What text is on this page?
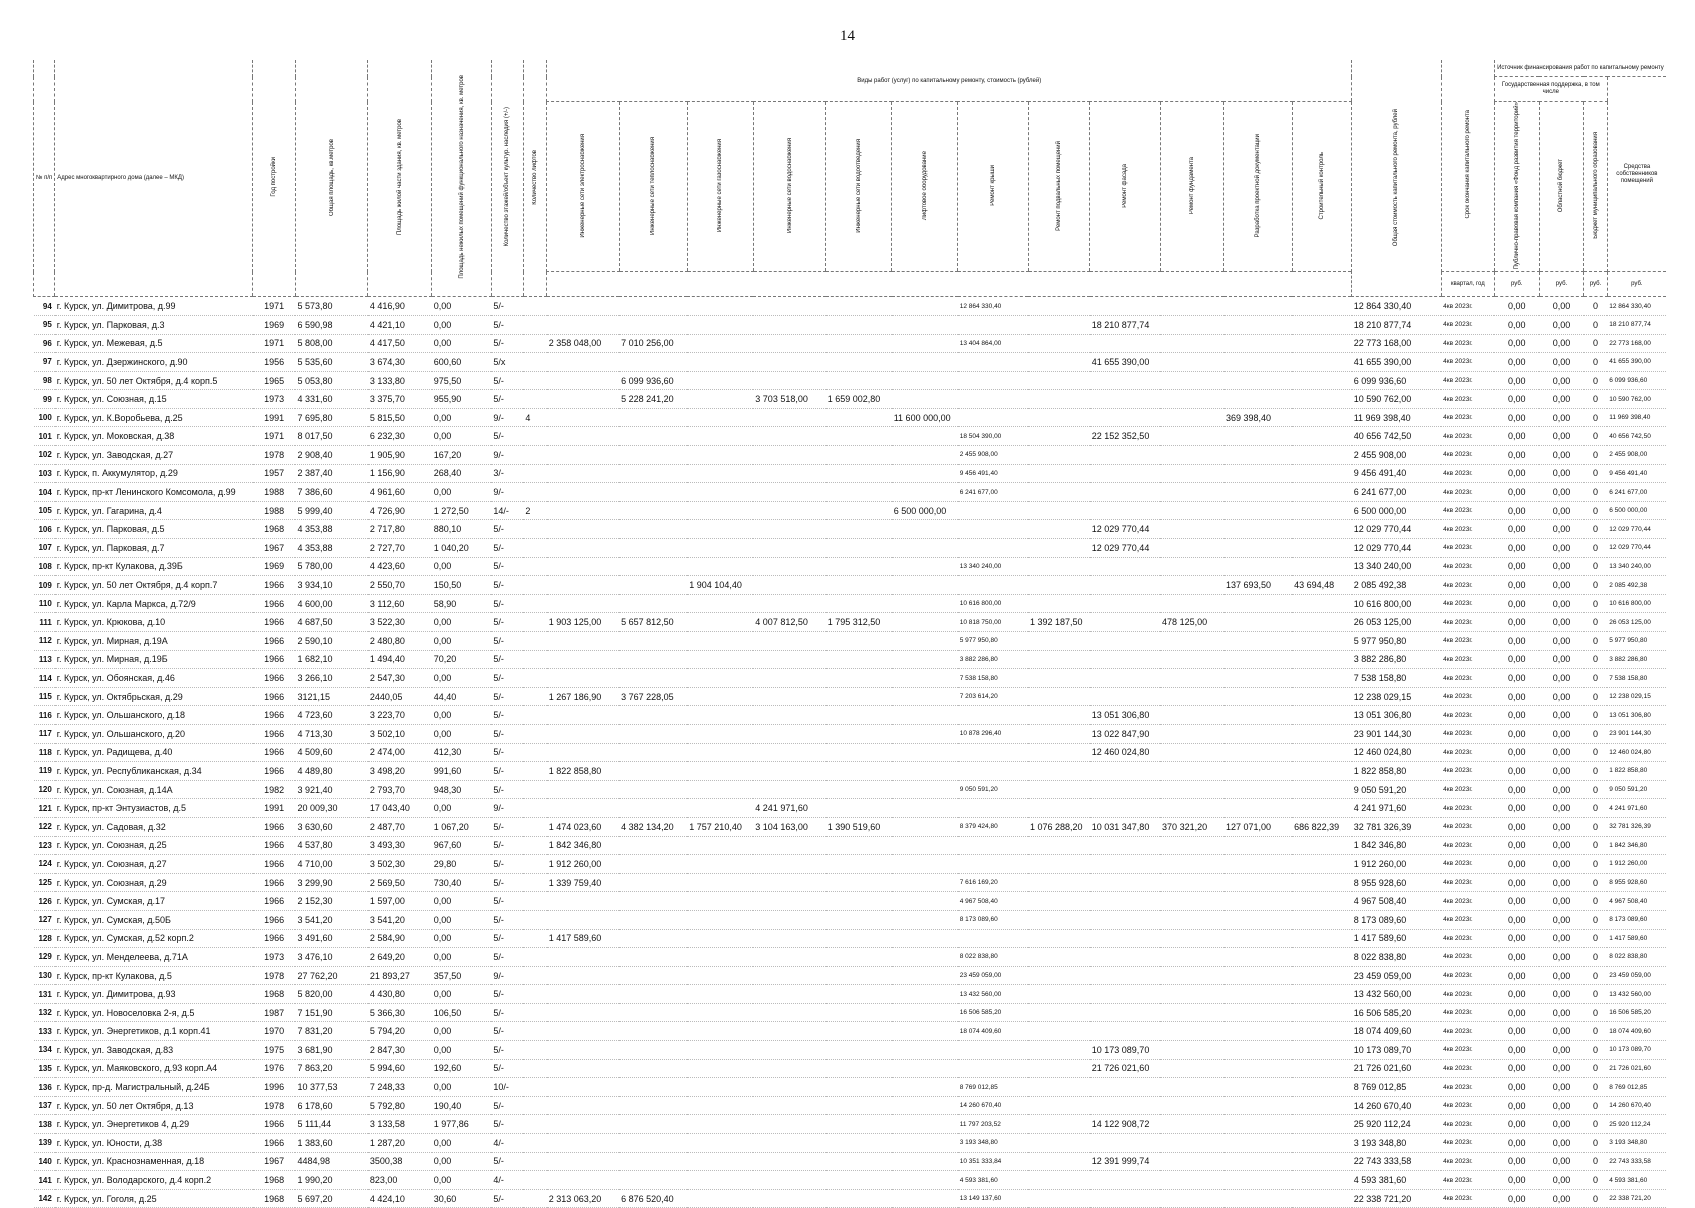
14
№ п/п	Адрес многоквартирного дома (далее – МКД)	Год постройки	Общая площадь, кв.метров	Площадь жилой части здания, кв. метров	Площадь нежилых помещений функционального назначения, кв. метров	Количество этажей/объект культур. наследия (+/-)	Количество лифтов	Виды работ (услуг) по капитальному ремонту, стоимость (рублей)												Общая стоимость капитального ремонта, рублей	Срок окончания капитального ремонта	Источник финансирования работ по капитальному ремонту			
																						Государственная поддержка, в том числе			Средства собственников помещений
								Инженерные сети электроснабжения	Инженерные сети теплоснабжения	Инженерные сети газоснабжения	Инженерные сети водоснабжения	Инженерные сети водоотведения	Лифтовое оборудование	Ремонт крыши	Ремонт подвальных помещений	Ремонт фасада	Ремонт фундамента	Разработка проектной документации	Строительный контроль			Публично-правовая компания «Фонд развития территорий»	Областной бюджет	Бюджет муниципального образования	
																					квартал, год	руб.	руб.	руб.	руб.
94	г. Курск, ул. Димитрова, д.99	1971	5 573,80	4 416,90	0,00	5/-								12 864 330,40						12 864 330,40	4кв 2023г.	0,00	0,00	0	12 864 330,40
95	г. Курск, ул. Парковая, д.3	1969	6 590,98	4 421,10	0,00	5/-										18 210 877,74				18 210 877,74	4кв 2023г.	0,00	0,00	0	18 210 877,74
96	г. Курск, ул. Межевая, д.5	1971	5 808,00	4 417,50	0,00	5/-		2 358 048,00	7 010 256,00					13 404 864,00						22 773 168,00	4кв 2023г.	0,00	0,00	0	22 773 168,00
97	г. Курск, ул. Дзержинского, д.90	1956	5 535,60	3 674,30	600,60	5/x										41 655 390,00				41 655 390,00	4кв 2023г.	0,00	0,00	0	41 655 390,00
98	г. Курск, ул. 50 лет Октября, д.4 корп.5	1965	5 053,80	3 133,80	975,50	5/-			6 099 936,60											6 099 936,60	4кв 2023г.	0,00	0,00	0	6 099 936,60
99	г. Курск, ул. Союзная, д.15	1973	4 331,60	3 375,70	955,90	5/-			5 228 241,20		3 703 518,00	1 659 002,80								10 590 762,00	4кв 2023г.	0,00	0,00	0	10 590 762,00
100	г. Курск, ул. К.Воробьева, д.25	1991	7 695,80	5 815,50	0,00	9/-	4						11 600 000,00					369 398,40		11 969 398,40	4кв 2023г.	0,00	0,00	0	11 969 398,40
101	г. Курск, ул. Моковская, д.38	1971	8 017,50	6 232,30	0,00	5/-								18 504 390,00		22 152 352,50				40 656 742,50	4кв 2023г.	0,00	0,00	0	40 656 742,50
102	г. Курск, ул. Заводская, д.27	1978	2 908,40	1 905,90	167,20	9/-								2 455 908,00						2 455 908,00	4кв 2023г.	0,00	0,00	0	2 455 908,00
103	г. Курск, п. Аккумулятор, д.29	1957	2 387,40	1 156,90	268,40	3/-								9 456 491,40						9 456 491,40	4кв 2023г.	0,00	0,00	0	9 456 491,40
104	г. Курск, пр-кт Ленинского Комсомола, д.99	1988	7 386,60	4 961,60	0,00	9/-								6 241 677,00						6 241 677,00	4кв 2023г.	0,00	0,00	0	6 241 677,00
105	г. Курск, ул. Гагарина, д.4	1988	5 999,40	4 726,90	1 272,50	14/-	2						6 500 000,00							6 500 000,00	4кв 2023г.	0,00	0,00	0	6 500 000,00
106	г. Курск, ул. Парковая, д.5	1968	4 353,88	2 717,80	880,10	5/-										12 029 770,44				12 029 770,44	4кв 2023г.	0,00	0,00	0	12 029 770,44
107	г. Курск, ул. Парковая, д.7	1967	4 353,88	2 727,70	1 040,20	5/-										12 029 770,44				12 029 770,44	4кв 2023г.	0,00	0,00	0	12 029 770,44
108	г. Курск, пр-кт Кулакова, д.39Б	1969	5 780,00	4 423,60	0,00	5/-								13 340 240,00						13 340 240,00	4кв 2023г.	0,00	0,00	0	13 340 240,00
109	г. Курск, ул. 50 лет Октября, д.4 корп.7	1966	3 934,10	2 550,70	150,50	5/-				1 904 104,40								137 693,50	43 694,48	2 085 492,38	4кв 2023г.	0,00	0,00	0	2 085 492,38
110	г. Курск, ул. Карла Маркса, д.72/9	1966	4 600,00	3 112,60	58,90	5/-								10 616 800,00						10 616 800,00	4кв 2023г.	0,00	0,00	0	10 616 800,00
111	г. Курск, ул. Крюкова, д.10	1966	4 687,50	3 522,30	0,00	5/-		1 903 125,00	5 657 812,50		4 007 812,50	1 795 312,50		10 818 750,00	1 392 187,50		478 125,00			26 053 125,00	4кв 2023г.	0,00	0,00	0	26 053 125,00
112	г. Курск, ул. Мирная, д.19А	1966	2 590,10	2 480,80	0,00	5/-								5 977 950,80						5 977 950,80	4кв 2023г.	0,00	0,00	0	5 977 950,80
113	г. Курск, ул. Мирная, д.19Б	1966	1 682,10	1 494,40	70,20	5/-								3 882 286,80						3 882 286,80	4кв 2023г.	0,00	0,00	0	3 882 286,80
114	г. Курск, ул. Обоянская, д.46	1966	3 266,10	2 547,30	0,00	5/-								7 538 158,80						7 538 158,80	4кв 2023г.	0,00	0,00	0	7 538 158,80
115	г. Курск, ул. Октябрьская, д.29	1966	3121,15	2440,05	44,40	5/-		1 267 186,90	3 767 228,05					7 203 614,20						12 238 029,15	4кв 2023г.	0,00	0,00	0	12 238 029,15
116	г. Курск, ул. Ольшанского, д.18	1966	4 723,60	3 223,70	0,00	5/-										13 051 306,80				13 051 306,80	4кв 2023г.	0,00	0,00	0	13 051 306,80
117	г. Курск, ул. Ольшанского, д.20	1966	4 713,30	3 502,10	0,00	5/-								10 878 296,40		13 022 847,90				23 901 144,30	4кв 2023г.	0,00	0,00	0	23 901 144,30
118	г. Курск, ул. Радищева, д.40	1966	4 509,60	2 474,00	412,30	5/-										12 460 024,80				12 460 024,80	4кв 2023г.	0,00	0,00	0	12 460 024,80
119	г. Курск, ул. Республиканская, д.34	1966	4 489,80	3 498,20	991,60	5/-		1 822 858,80												1 822 858,80	4кв 2023г.	0,00	0,00	0	1 822 858,80
120	г. Курск, ул. Союзная, д.14А	1982	3 921,40	2 793,70	948,30	5/-								9 050 591,20						9 050 591,20	4кв 2023г.	0,00	0,00	0	9 050 591,20
121	г. Курск, пр-кт Энтузиастов, д.5	1991	20 009,30	17 043,40	0,00	9/-					4 241 971,60									4 241 971,60	4кв 2023г.	0,00	0,00	0	4 241 971,60
122	г. Курск, ул. Садовая, д.32	1966	3 630,60	2 487,70	1 067,20	5/-		1 474 023,60	4 382 134,20	1 757 210,40	3 104 163,00	1 390 519,60		8 379 424,80	1 076 288,20	10 031 347,80	370 321,20	127 071,00	686 822,39	32 781 326,39	4кв 2023г.	0,00	0,00	0	32 781 326,39
123	г. Курск, ул. Союзная, д.25	1966	4 537,80	3 493,30	967,60	5/-		1 842 346,80												1 842 346,80	4кв 2023г.	0,00	0,00	0	1 842 346,80
124	г. Курск, ул. Союзная, д.27	1966	4 710,00	3 502,30	29,80	5/-		1 912 260,00												1 912 260,00	4кв 2023г.	0,00	0,00	0	1 912 260,00
125	г. Курск, ул. Союзная, д.29	1966	3 299,90	2 569,50	730,40	5/-		1 339 759,40						7 616 169,20						8 955 928,60	4кв 2023г.	0,00	0,00	0	8 955 928,60
126	г. Курск, ул. Сумская, д.17	1966	2 152,30	1 597,00	0,00	5/-								4 967 508,40						4 967 508,40	4кв 2023г.	0,00	0,00	0	4 967 508,40
127	г. Курск, ул. Сумская, д.50Б	1966	3 541,20	3 541,20	0,00	5/-								8 173 089,60						8 173 089,60	4кв 2023г.	0,00	0,00	0	8 173 089,60
128	г. Курск, ул. Сумская, д.52 корп.2	1966	3 491,60	2 584,90	0,00	5/-		1 417 589,60												1 417 589,60	4кв 2023г.	0,00	0,00	0	1 417 589,60
129	г. Курск, ул. Менделеева, д.71А	1973	3 476,10	2 649,20	0,00	5/-								8 022 838,80						8 022 838,80	4кв 2023г.	0,00	0,00	0	8 022 838,80
130	г. Курск, пр-кт Кулакова, д.5	1978	27 762,20	21 893,27	357,50	9/-								23 459 059,00						23 459 059,00	4кв 2023г.	0,00	0,00	0	23 459 059,00
131	г. Курск, ул. Димитрова, д.93	1968	5 820,00	4 430,80	0,00	5/-								13 432 560,00						13 432 560,00	4кв 2023г.	0,00	0,00	0	13 432 560,00
132	г. Курск, ул. Новоселовка 2-я, д.5	1987	7 151,90	5 366,30	106,50	5/-								16 506 585,20						16 506 585,20	4кв 2023г.	0,00	0,00	0	16 506 585,20
133	г. Курск, ул. Энергетиков, д.1 корп.41	1970	7 831,20	5 794,20	0,00	5/-								18 074 409,60						18 074 409,60	4кв 2023г.	0,00	0,00	0	18 074 409,60
134	г. Курск, ул. Заводская, д.83	1975	3 681,90	2 847,30	0,00	5/-										10 173 089,70				10 173 089,70	4кв 2023г.	0,00	0,00	0	10 173 089,70
135	г. Курск, ул. Маяковского, д.93 корп.А4	1976	7 863,20	5 994,60	192,60	5/-										21 726 021,60				21 726 021,60	4кв 2023г.	0,00	0,00	0	21 726 021,60
136	г. Курск, пр-д. Магистральный, д.24Б	1996	10 377,53	7 248,33	0,00	10/-								8 769 012,85						8 769 012,85	4кв 2023г.	0,00	0,00	0	8 769 012,85
137	г. Курск, ул. 50 лет Октября, д.13	1978	6 178,60	5 792,80	190,40	5/-								14 260 670,40						14 260 670,40	4кв 2023г.	0,00	0,00	0	14 260 670,40
138	г. Курск, ул. Энергетиков 4, д.29	1966	5 111,44	3 133,58	1 977,86	5/-								11 797 203,52		14 122 908,72				25 920 112,24	4кв 2023г.	0,00	0,00	0	25 920 112,24
139	г. Курск, ул. Юности, д.38	1966	1 383,60	1 287,20	0,00	4/-								3 193 348,80						3 193 348,80	4кв 2023г.	0,00	0,00	0	3 193 348,80
140	г. Курск, ул. Краснознаменная, д.18	1967	4484,98	3500,38	0,00	5/-								10 351 333,84		12 391 999,74				22 743 333,58	4кв 2023г.	0,00	0,00	0	22 743 333,58
141	г. Курск, ул. Володарского, д.4 корп.2	1968	1 990,20	823,00	0,00	4/-								4 593 381,60						4 593 381,60	4кв 2023г.	0,00	0,00	0	4 593 381,60
142	г. Курск, ул. Гоголя, д.25	1968	5 697,20	4 424,10	30,60	5/-		2 313 063,20	6 876 520,40					13 149 137,60						22 338 721,20	4кв 2023г.	0,00	0,00	0	22 338 721,20
